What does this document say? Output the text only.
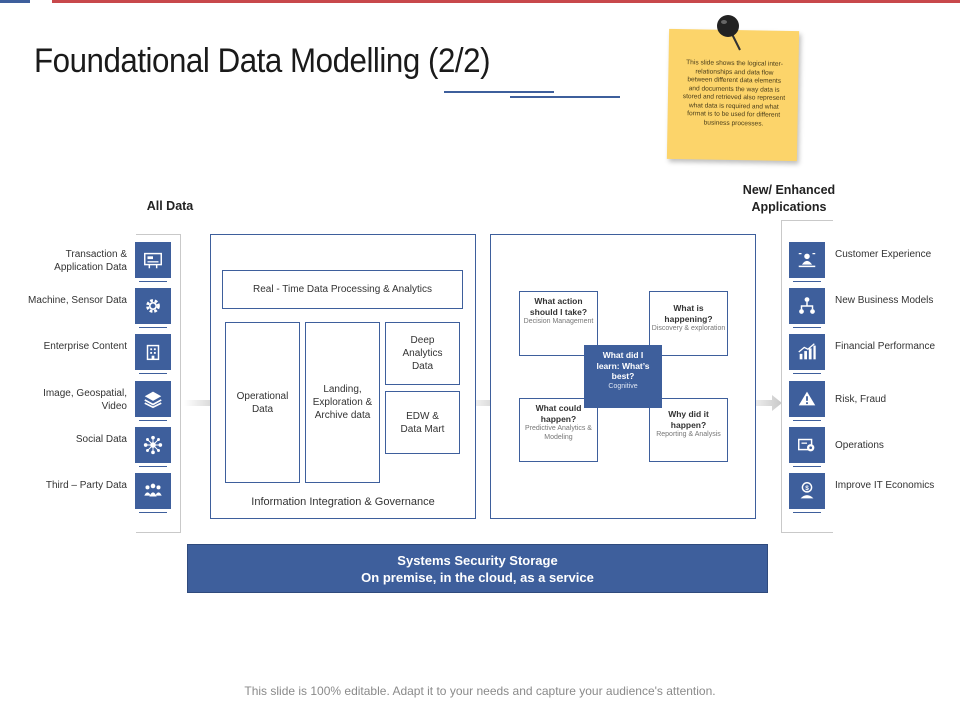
Foundational Data Modelling (2/2)	This slide shows the logical inter-relationships and data flow between different data elements and documents the way data is stored and retrieved also represent what data is required and what format is to be used for different business processes.
All Data
New/ Enhanced Applications
Transaction & Application Data
Machine, Sensor Data
Enterprise Content
Image, Geospatial, Video
Social Data
Third – Party Data
Real - Time Data Processing & Analytics
Operational Data
Landing, Exploration & Archive data
Deep Analytics Data
EDW & Data Mart
Information Integration & Governance
What action should I take?
Decision Management
What is happening?
Discovery & exploration
What could happen?
Predictive Analytics & Modeling
Why did it happen?
Reporting & Analysis
What did I learn: What’s best?
Cognitive
Customer Experience
New Business Models
Financial Performance
Risk, Fraud
Operations
$	Improve IT Economics
Systems Security Storage
On premise, in the cloud, as a service
This slide is 100% editable. Adapt it to your needs and capture your audience's attention.
